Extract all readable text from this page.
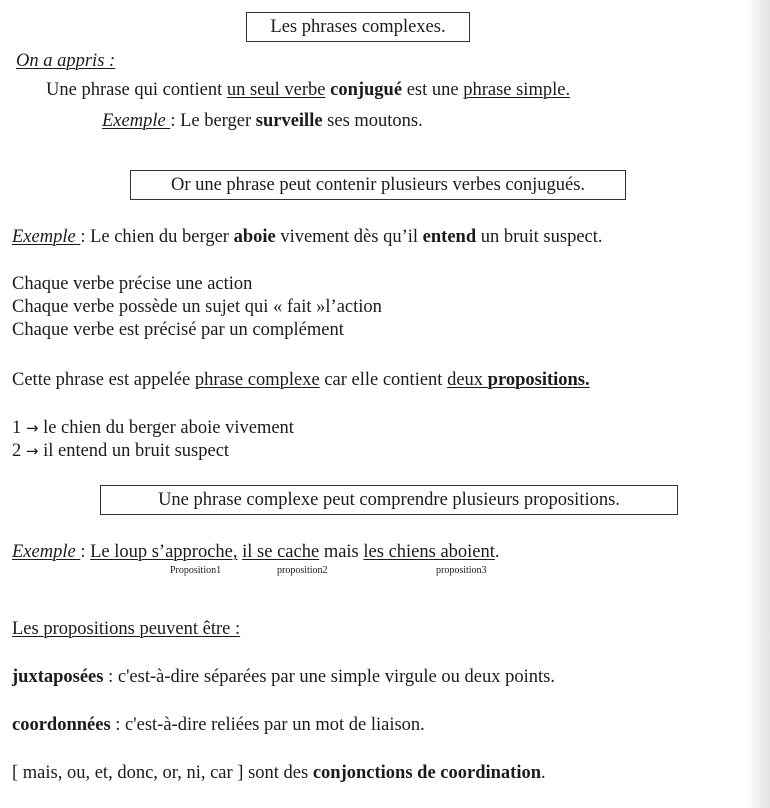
Les phrases complexes.
On a appris :
Une phrase qui contient un seul verbe conjugué est une phrase simple.
Exemple : Le berger surveille ses moutons.
Or une phrase peut contenir plusieurs verbes conjugués.
Exemple : Le chien du berger aboie vivement dès qu’il entend un bruit suspect.
Chaque verbe précise une action
Chaque verbe possède un sujet qui « fait »l’action
Chaque verbe est précisé par un complément
Cette phrase est appelée phrase complexe car elle contient deux propositions.
1 → le chien du berger aboie vivement
2 → il entend un bruit suspect
Une phrase complexe peut comprendre plusieurs propositions.
Exemple : Le loup s’approche, il se cache mais les chiens aboient.
Proposition1	proposition2	proposition3
Les propositions peuvent être :
juxtaposées : c'est-à-dire séparées par une simple virgule ou deux points.
coordonnées : c'est-à-dire reliées par un mot de liaison.
[ mais, ou, et, donc, or, ni, car ] sont des conjonctions de coordination.
